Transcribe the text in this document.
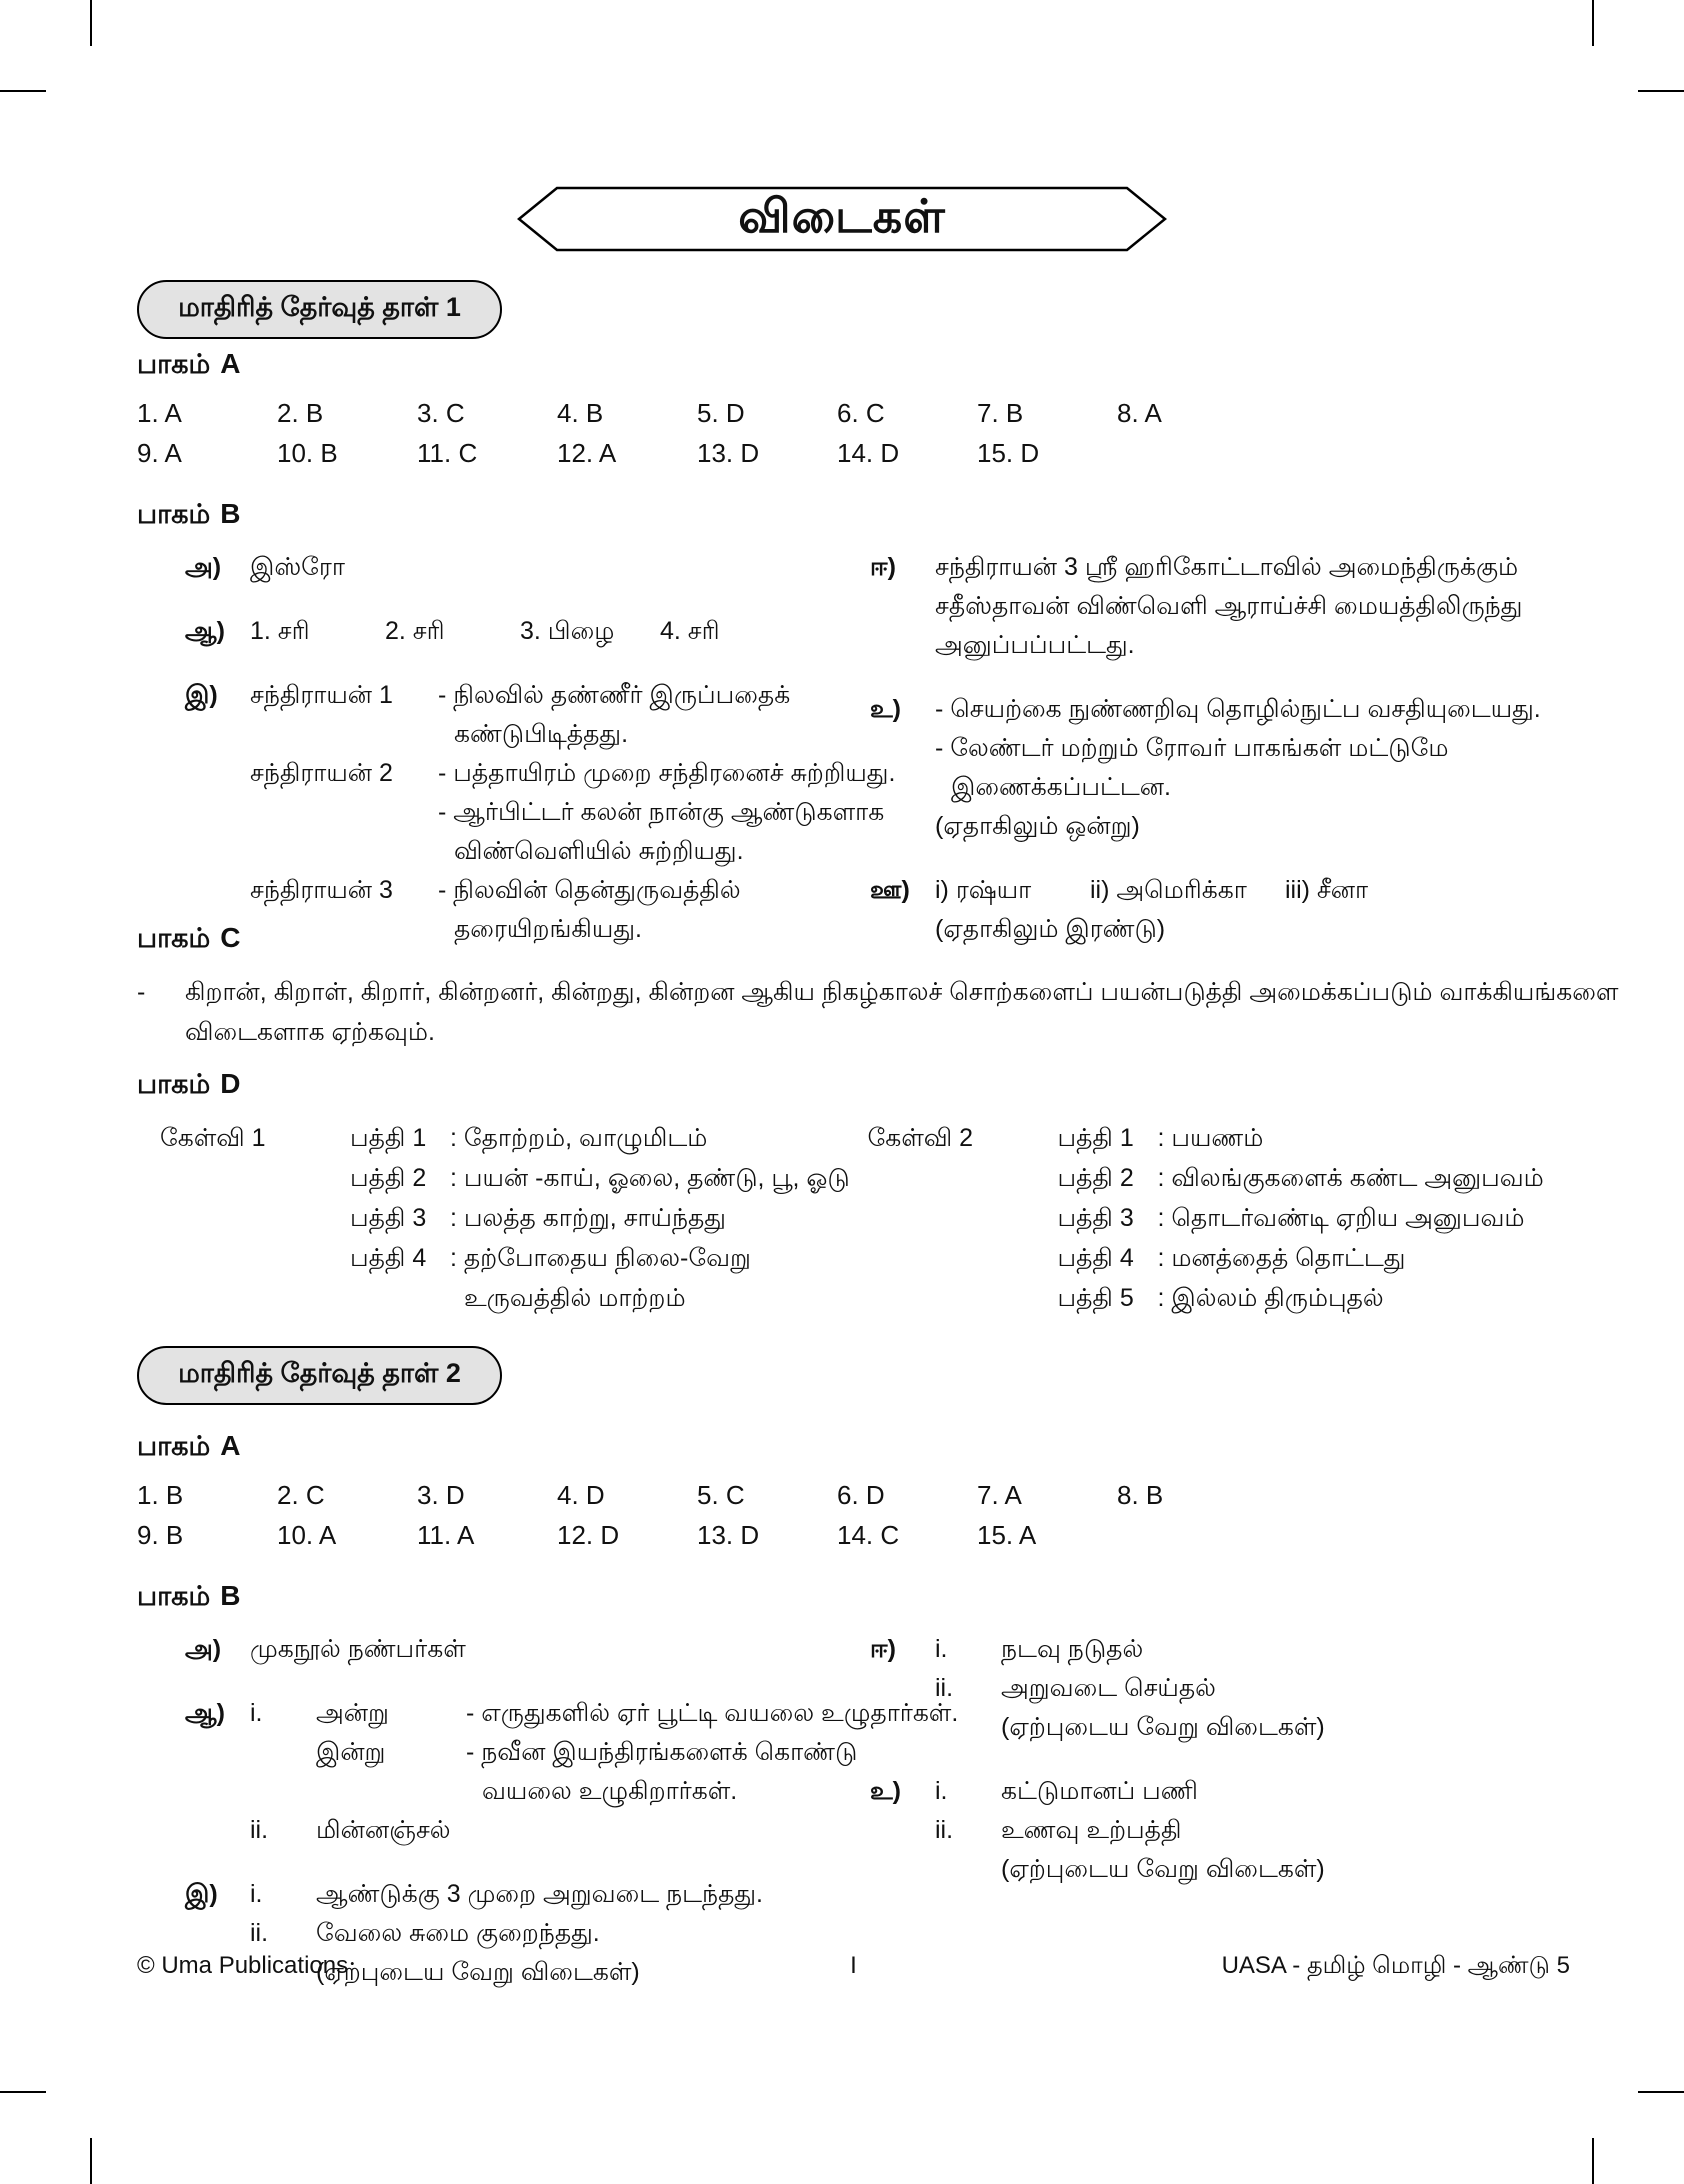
விடைகள்
மாதிரித் தேர்வுத் தாள் 1
பாகம் A
1. A	2. B	3. C	4. B	5. D	6. C	7. B	8. A
9. A	10. B	11. C	12. A	13. D	14. D	15. D
பாகம் B
அ)	இஸ்ரோ
ஆ)	1. சரி	2. சரி	3. பிழை	4. சரி
இ)	சந்திராயன் 1	- நிலவில் தண்ணீர் இருப்பதைக்
கண்டுபிடித்தது.
சந்திராயன் 2	- பத்தாயிரம் முறை சந்திரனைச் சுற்றியது.
- ஆர்பிட்டர் கலன் நான்கு ஆண்டுகளாக
விண்வெளியில் சுற்றியது.
சந்திராயன் 3	- நிலவின் தென்துருவத்தில்
தரையிறங்கியது.
ஈ)	சந்திராயன் 3 ஸ்ரீ ஹரிகோட்டாவில் அமைந்திருக்கும்
சதீஸ்தாவன் விண்வெளி ஆராய்ச்சி மையத்திலிருந்து
அனுப்பப்பட்டது.
உ)	- செயற்கை நுண்ணறிவு தொழில்நுட்ப வசதியுடையது.
- லேண்டர் மற்றும் ரோவர் பாகங்கள் மட்டுமே
இணைக்கப்பட்டன.
(ஏதாகிலும் ஒன்று)
ஊ)	i) ரஷ்யா	ii) அமெரிக்கா	iii) சீனா
(ஏதாகிலும் இரண்டு)
பாகம் C
-	கிறான், கிறாள், கிறார், கின்றனர், கின்றது, கின்றன ஆகிய நிகழ்காலச் சொற்களைப் பயன்படுத்தி அமைக்கப்படும் வாக்கியங்களை
விடைகளாக ஏற்கவும்.
பாகம் D
கேள்வி 1	பத்தி 1 : தோற்றம், வாழுமிடம்
பத்தி 2 : பயன் -காய், ஓலை, தண்டு, பூ, ஓடு
பத்தி 3 : பலத்த காற்று, சாய்ந்தது
பத்தி 4 : தற்போதைய நிலை-வேறு
உருவத்தில் மாற்றம்
கேள்வி 2	பத்தி 1 : பயணம்
பத்தி 2 : விலங்குகளைக் கண்ட அனுபவம்
பத்தி 3 : தொடர்வண்டி ஏறிய அனுபவம்
பத்தி 4 : மனத்தைத் தொட்டது
பத்தி 5 : இல்லம் திரும்புதல்
மாதிரித் தேர்வுத் தாள் 2
பாகம் A
1. B	2. C	3. D	4. D	5. C	6. D	7. A	8. B
9. B	10. A	11. A	12. D	13. D	14. C	15. A
பாகம் B
அ)	முகநூல் நண்பர்கள்
ஆ)	i.	அன்று	- எருதுகளில் ஏர் பூட்டி வயலை உழுதார்கள்.
இன்று	- நவீன இயந்திரங்களைக் கொண்டு
வயலை உழுகிறார்கள்.
ii.	மின்னஞ்சல்
இ)	i.	ஆண்டுக்கு 3 முறை அறுவடை நடந்தது.
ii.	வேலை சுமை குறைந்தது.
(ஏற்புடைய வேறு விடைகள்)
ஈ)	i.	நடவு நடுதல்
ii.	அறுவடை செய்தல்
(ஏற்புடைய வேறு விடைகள்)
உ)	i.	கட்டுமானப் பணி
ii.	உணவு உற்பத்தி
(ஏற்புடைய வேறு விடைகள்)
© Uma Publications	I	UASA - தமிழ் மொழி - ஆண்டு 5
